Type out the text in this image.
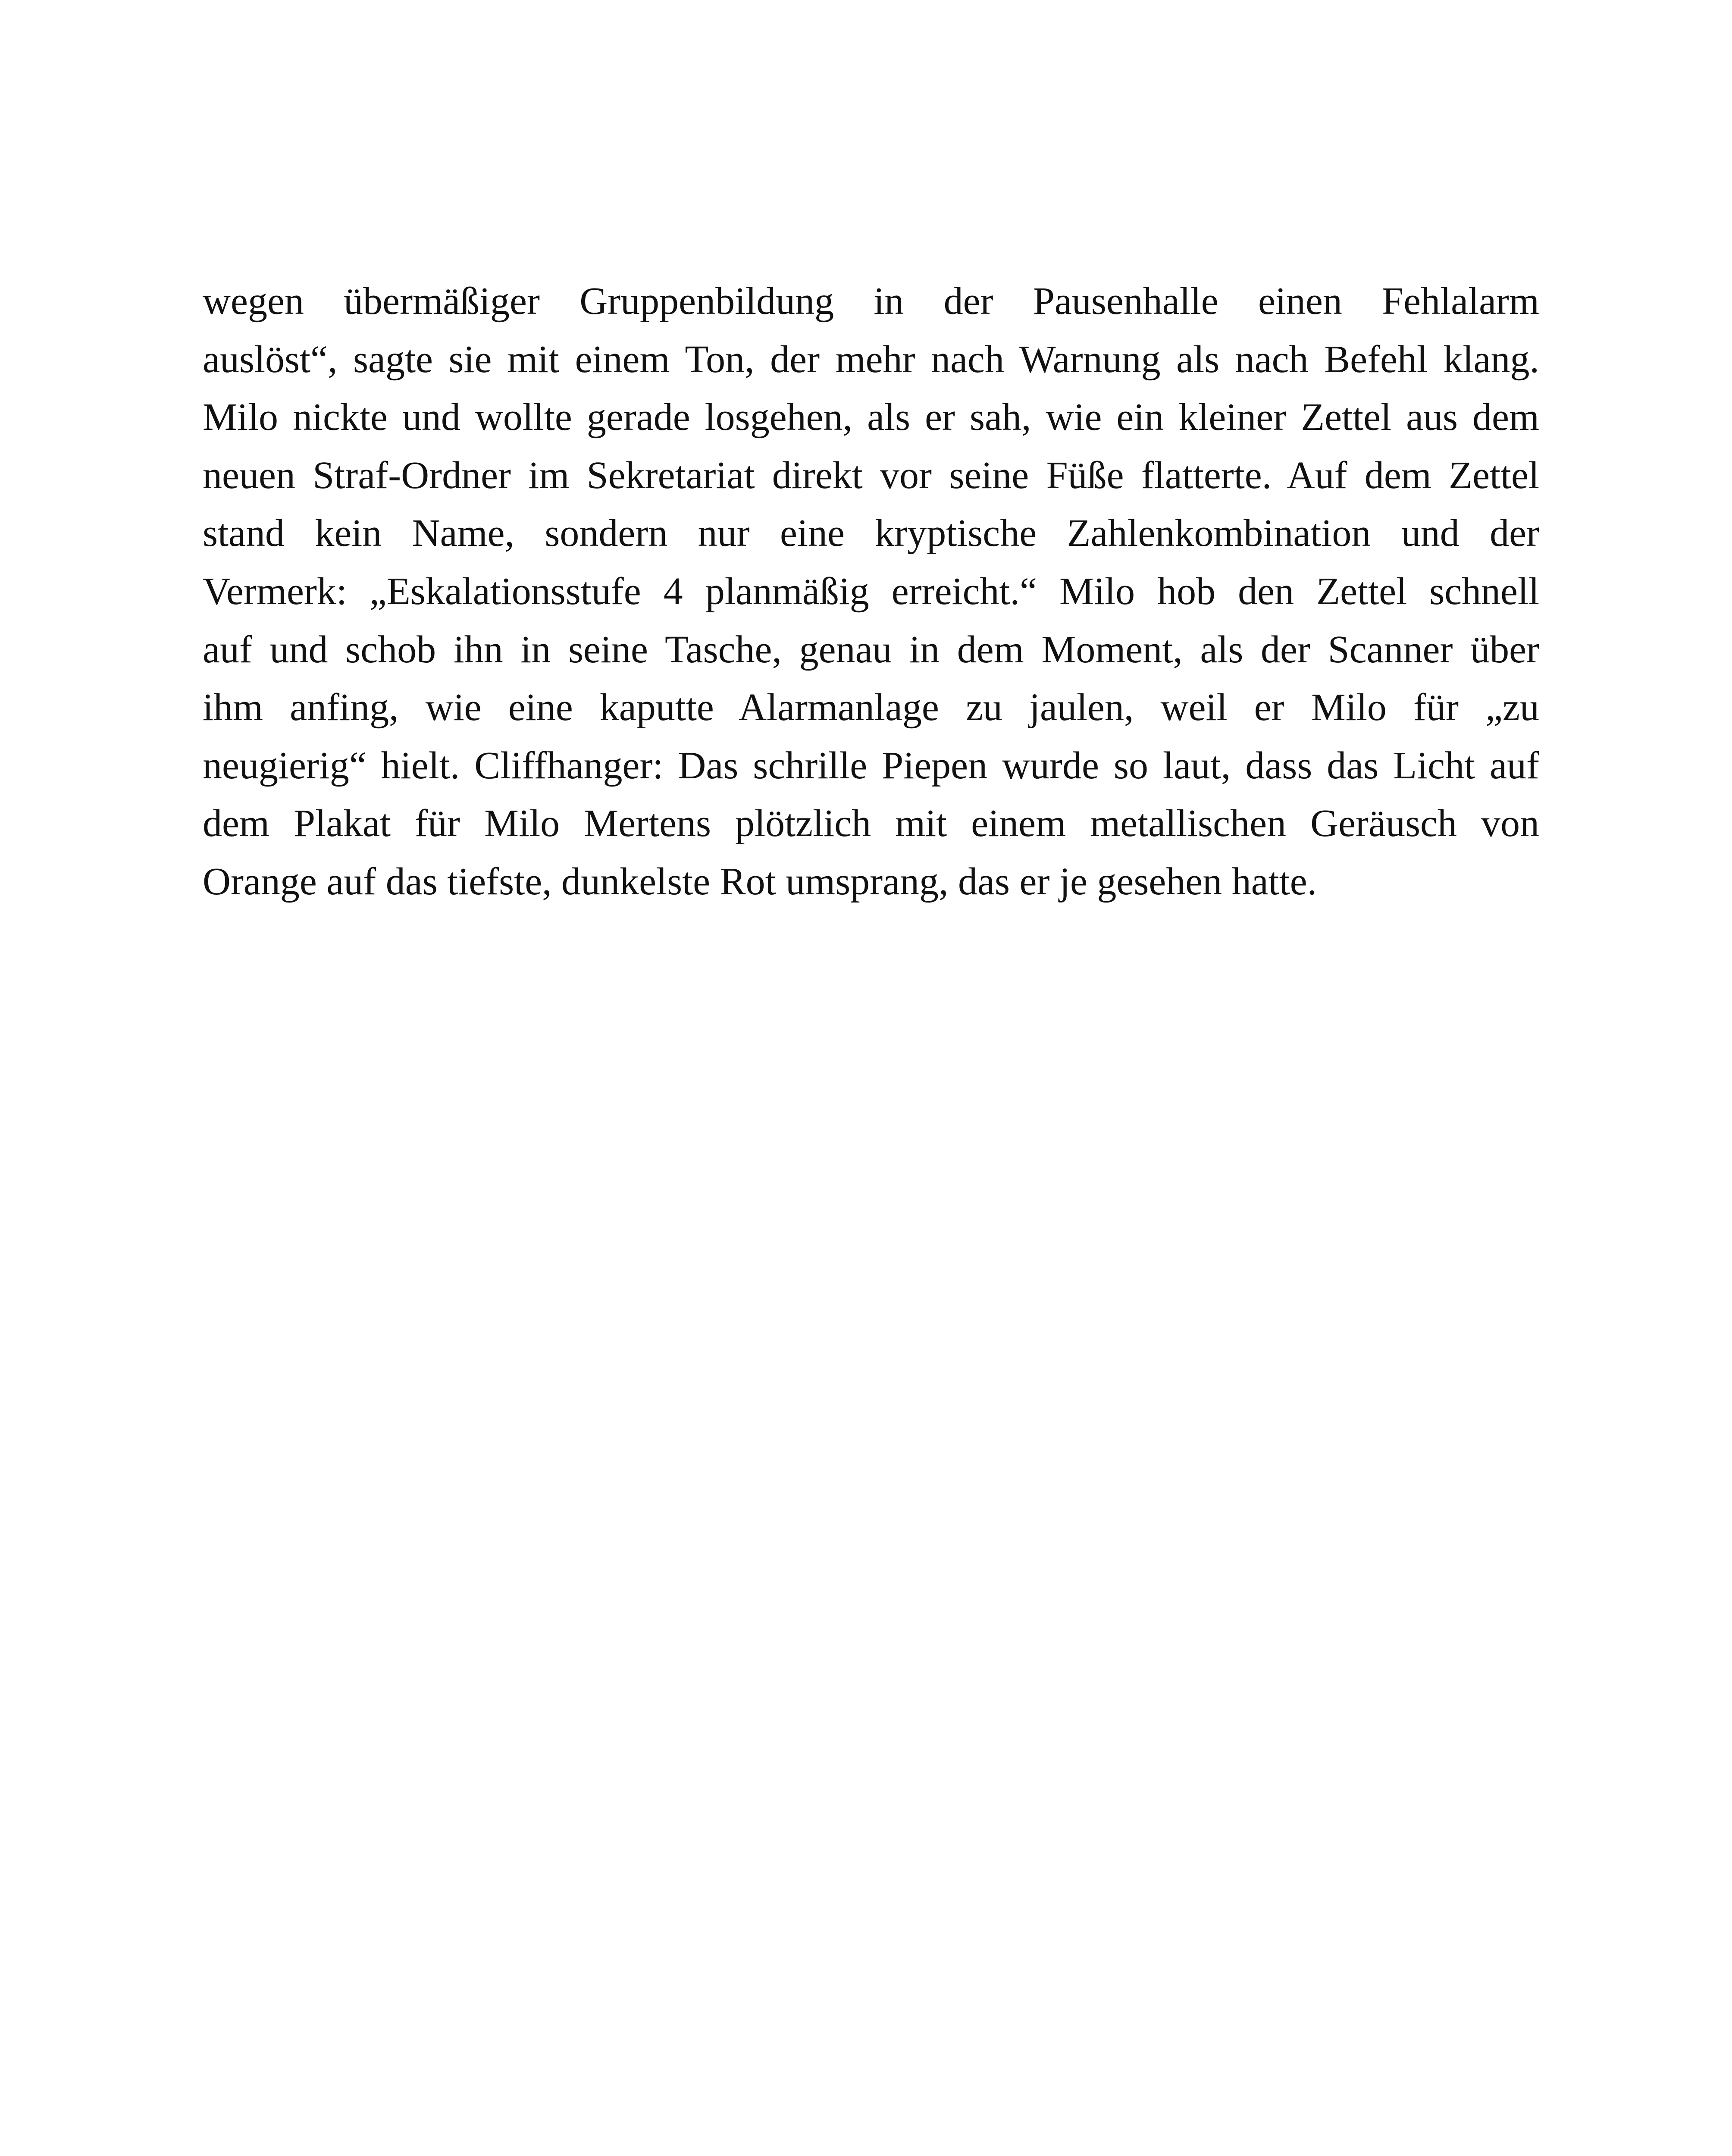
wegen übermäßiger Gruppenbildung in der Pausenhalle einen Fehlalarm
auslöst“, sagte sie mit einem Ton, der mehr nach Warnung als nach Befehl klang.
Milo nickte und wollte gerade losgehen, als er sah, wie ein kleiner Zettel aus dem
neuen Straf-Ordner im Sekretariat direkt vor seine Füße flatterte. Auf dem Zettel
stand kein Name, sondern nur eine kryptische Zahlenkombination und der
Vermerk: „Eskalationsstufe 4 planmäßig erreicht.“ Milo hob den Zettel schnell
auf und schob ihn in seine Tasche, genau in dem Moment, als der Scanner über
ihm anfing, wie eine kaputte Alarmanlage zu jaulen, weil er Milo für „zu
neugierig“ hielt. Cliffhanger: Das schrille Piepen wurde so laut, dass das Licht auf
dem Plakat für Milo Mertens plötzlich mit einem metallischen Geräusch von
Orange auf das tiefste, dunkelste Rot umsprang, das er je gesehen hatte.
